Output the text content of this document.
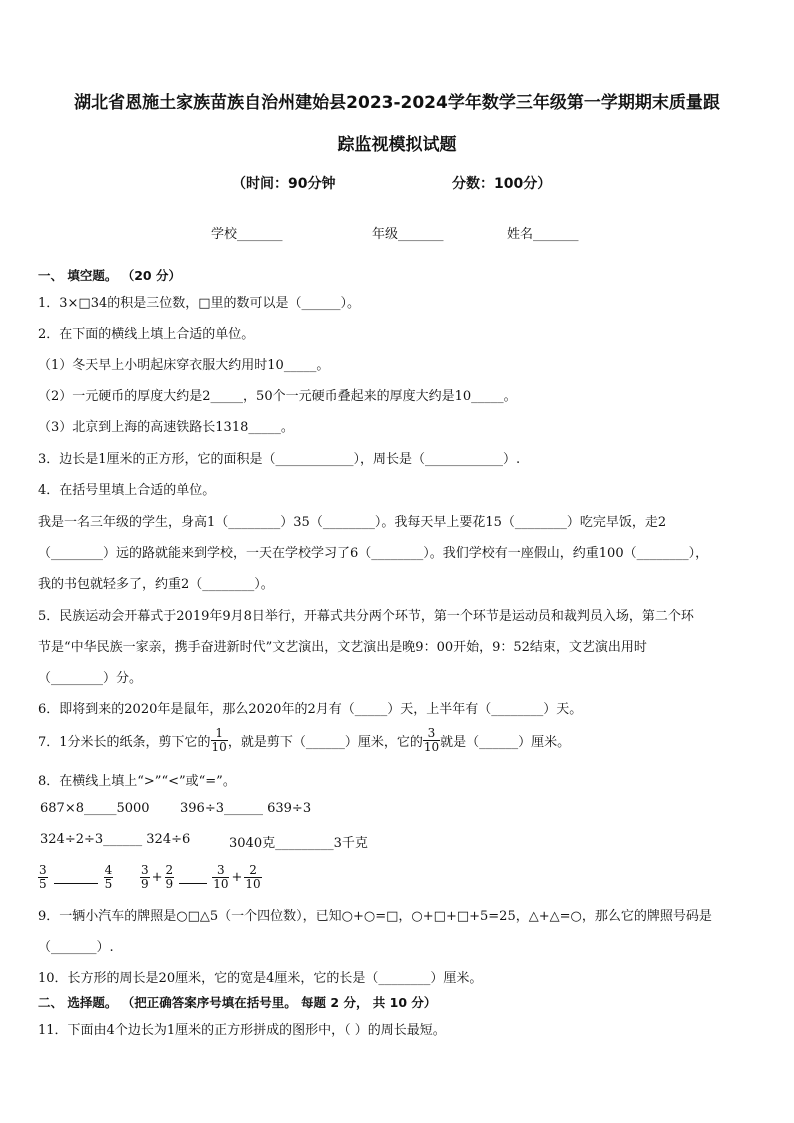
湖北省恩施土家族苗族自治州建始县2023-2024学年数学三年级第一学期期末质量跟
踪监视模拟试题
（时间：90分钟	分数：100分）
学校_______	年级_______	姓名_______
一、 填空题。 （20 分）
1．3×□34的积是三位数，□里的数可以是（______）。
2．在下面的横线上填上合适的单位。
（1）冬天早上小明起床穿衣服大约用时10_____。
（2）一元硬币的厚度大约是2_____，50个一元硬币叠起来的厚度大约是10_____。
（3）北京到上海的高速铁路长1318_____。
3．边长是1厘米的正方形，它的面积是（____________），周长是（____________）.
4．在括号里填上合适的单位。
我是一名三年级的学生，身高1（________）35（________）。我每天早上要花15（________）吃完早饭，走2
（________）远的路就能来到学校，一天在学校学习了6（________）。我们学校有一座假山，约重100（________），
我的书包就轻多了，约重2（________）。
5．民族运动会开幕式于2019年9月8日举行，开幕式共分两个环节，第一个环节是运动员和裁判员入场，第二个环
节是“中华民族一家亲，携手奋进新时代”文艺演出，文艺演出是晚9：00开始，9：52结束，文艺演出用时
（________）分。
6．即将到来的2020年是鼠年，那么2020年的2月有（_____）天，上半年有（________）天。
7．1分米长的纸条，剪下它的 $\frac{1}{10}$ ，就是剪下（______）厘米，它的 $\frac{3}{10}$ 就是（______）厘米。
8．在横线上填上“>”“<”或“=”。
687×8_____5000 396÷3______ 639÷3
324÷2÷3______ 324÷6	3040克_________3千克
$\frac{3}{5}$	$\frac{4}{5} \frac{3}{9} + \frac{2}{9}$	$\frac{3}{10} + \frac{2}{10}$
9．一辆小汽车的牌照是○□△5（一个四位数），已知○+○=□，○+□+□+5=25，△+△=○，那么它的牌照号码是
（_______）.
10．长方形的周长是20厘米，它的宽是4厘米，它的长是（________）厘米。
二、 选择题。 （把正确答案序号填在括号里。 每题 2 分， 共 10 分）
11．下面由4个边长为1厘米的正方形拼成的图形中，（ ）的周长最短。
